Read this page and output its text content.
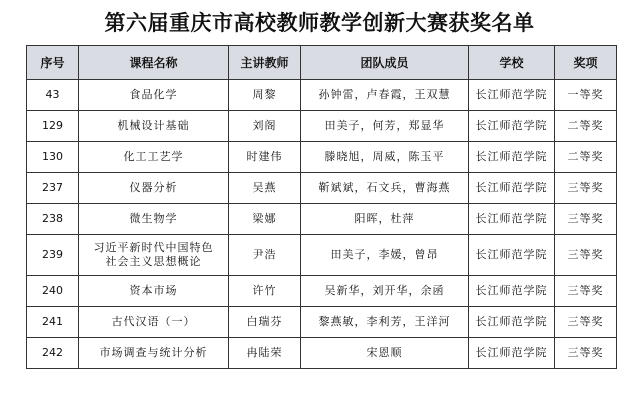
第六届重庆市高校教师教学创新大赛获奖名单
序号	课程名称	主讲教师	团队成员	学校	奖项
43	食品化学	周黎	孙钟雷，卢春霞，王双慧	长江师范学院	一等奖
129	机械设计基础	刘阁	田美子，何芳，郑显华	长江师范学院	二等奖
130	化工工艺学	时建伟	滕晓旭，周威，陈玉平	长江师范学院	二等奖
237	仪器分析	吴燕	靳斌斌，石文兵，曹海燕	长江师范学院	三等奖
238	微生物学	梁娜	阳晖，杜萍	长江师范学院	三等奖
239	习近平新时代中国特色社会主义思想概论	尹浩	田美子，李媛，曾昂	长江师范学院	三等奖
240	资本市场	许竹	吴新华，刘开华，余函	长江师范学院	三等奖
241	古代汉语（一）	白瑞芬	黎燕敏，李利芳，王洋河	长江师范学院	三等奖
242	市场调查与统计分析	冉陆荣	宋恩顺	长江师范学院	三等奖
